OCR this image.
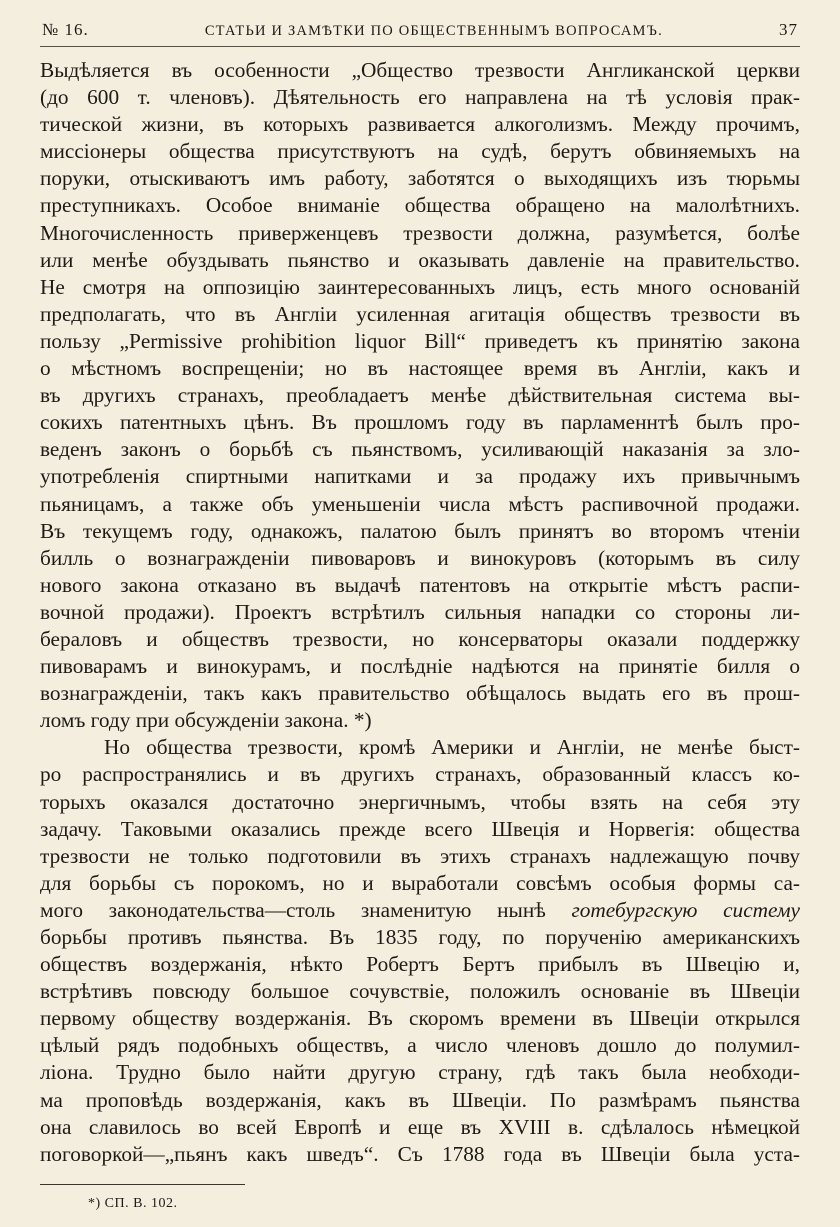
№ 16.	СТАТЬИ И ЗАМѢТКИ ПО ОБЩЕСТВЕННЫМЪ ВОПРОСАМЪ.	37
Выдѣляется въ особенности „Общество трезвости Англиканской церкви
(до 600 т. членовъ). Дѣятельность его направлена на тѣ условія прак-
тической жизни, въ которыхъ развивается алкоголизмъ. Между прочимъ,
миссіонеры общества присутствуютъ на судѣ, берутъ обвиняемыхъ на
поруки, отыскиваютъ имъ работу, заботятся о выходящихъ изъ тюрьмы
преступникахъ. Особое вниманіе общества обращено на малолѣтнихъ.
Многочисленность приверженцевъ трезвости должна, разумѣется, болѣе
или менѣе обуздывать пьянство и оказывать давленіе на правительство.
Не смотря на оппозицію заинтересованныхъ лицъ, есть много основаній
предполагать, что въ Англіи усиленная агитація обществъ трезвости въ
пользу „Permissive prohibition liquor Bill“ приведетъ къ принятію закона
о мѣстномъ воспрещеніи; но въ настоящее время въ Англіи, какъ и
въ другихъ странахъ, преобладаетъ менѣе дѣйствительная система вы-
сокихъ патентныхъ цѣнъ. Въ прошломъ году въ парламеннтѣ былъ про-
веденъ законъ о борьбѣ съ пьянствомъ, усиливающій наказанія за зло-
употребленія спиртными напитками и за продажу ихъ привычнымъ
пьяницамъ, а также объ уменьшеніи числа мѣстъ распивочной продажи.
Въ текущемъ году, однакожъ, палатою былъ принятъ во второмъ чтеніи
билль о вознагражденіи пивоваровъ и винокуровъ (которымъ въ силу
нового закона отказано въ выдачѣ патентовъ на открытіе мѣстъ распи-
вочной продажи). Проектъ встрѣтилъ сильныя нападки со стороны ли-
бераловъ и обществъ трезвости, но консерваторы оказали поддержку
пивоварамъ и винокурамъ, и послѣдніе надѣются на принятіе билля о
вознагражденіи, такъ какъ правительство обѣщалось выдать его въ прош-
ломъ году при обсужденіи закона. *)
Но общества трезвости, кромѣ Америки и Англіи, не менѣе быст-
ро распространялись и въ другихъ странахъ, образованный классъ ко-
торыхъ оказался достаточно энергичнымъ, чтобы взять на себя эту
задачу. Таковыми оказались прежде всего Швеція и Норвегія: общества
трезвости не только подготовили въ этихъ странахъ надлежащую почву
для борьбы съ порокомъ, но и выработали совсѣмъ особыя формы са-
мого законодательства—столь знаменитую нынѣ готебургскую систему
борьбы противъ пьянства. Въ 1835 году, по порученію американскихъ
обществъ воздержанія, нѣкто Робертъ Бертъ прибылъ въ Швецію и,
встрѣтивъ повсюду большое сочувствіе, положилъ основаніе въ Швеціи
первому обществу воздержанія. Въ скоромъ времени въ Швеціи открылся
цѣлый рядъ подобныхъ обществъ, а число членовъ дошло до полумил-
ліона. Трудно было найти другую страну, гдѣ такъ была необходи-
ма проповѣдь воздержанія, какъ въ Швеціи. По размѣрамъ пьянства
она славилось во всей Европѣ и еще въ XVIII в. сдѣлалось нѣмецкой
поговоркой—„пьянъ какъ шведъ“. Съ 1788 года въ Швеціи была уста-
*) СП. В. 102.
